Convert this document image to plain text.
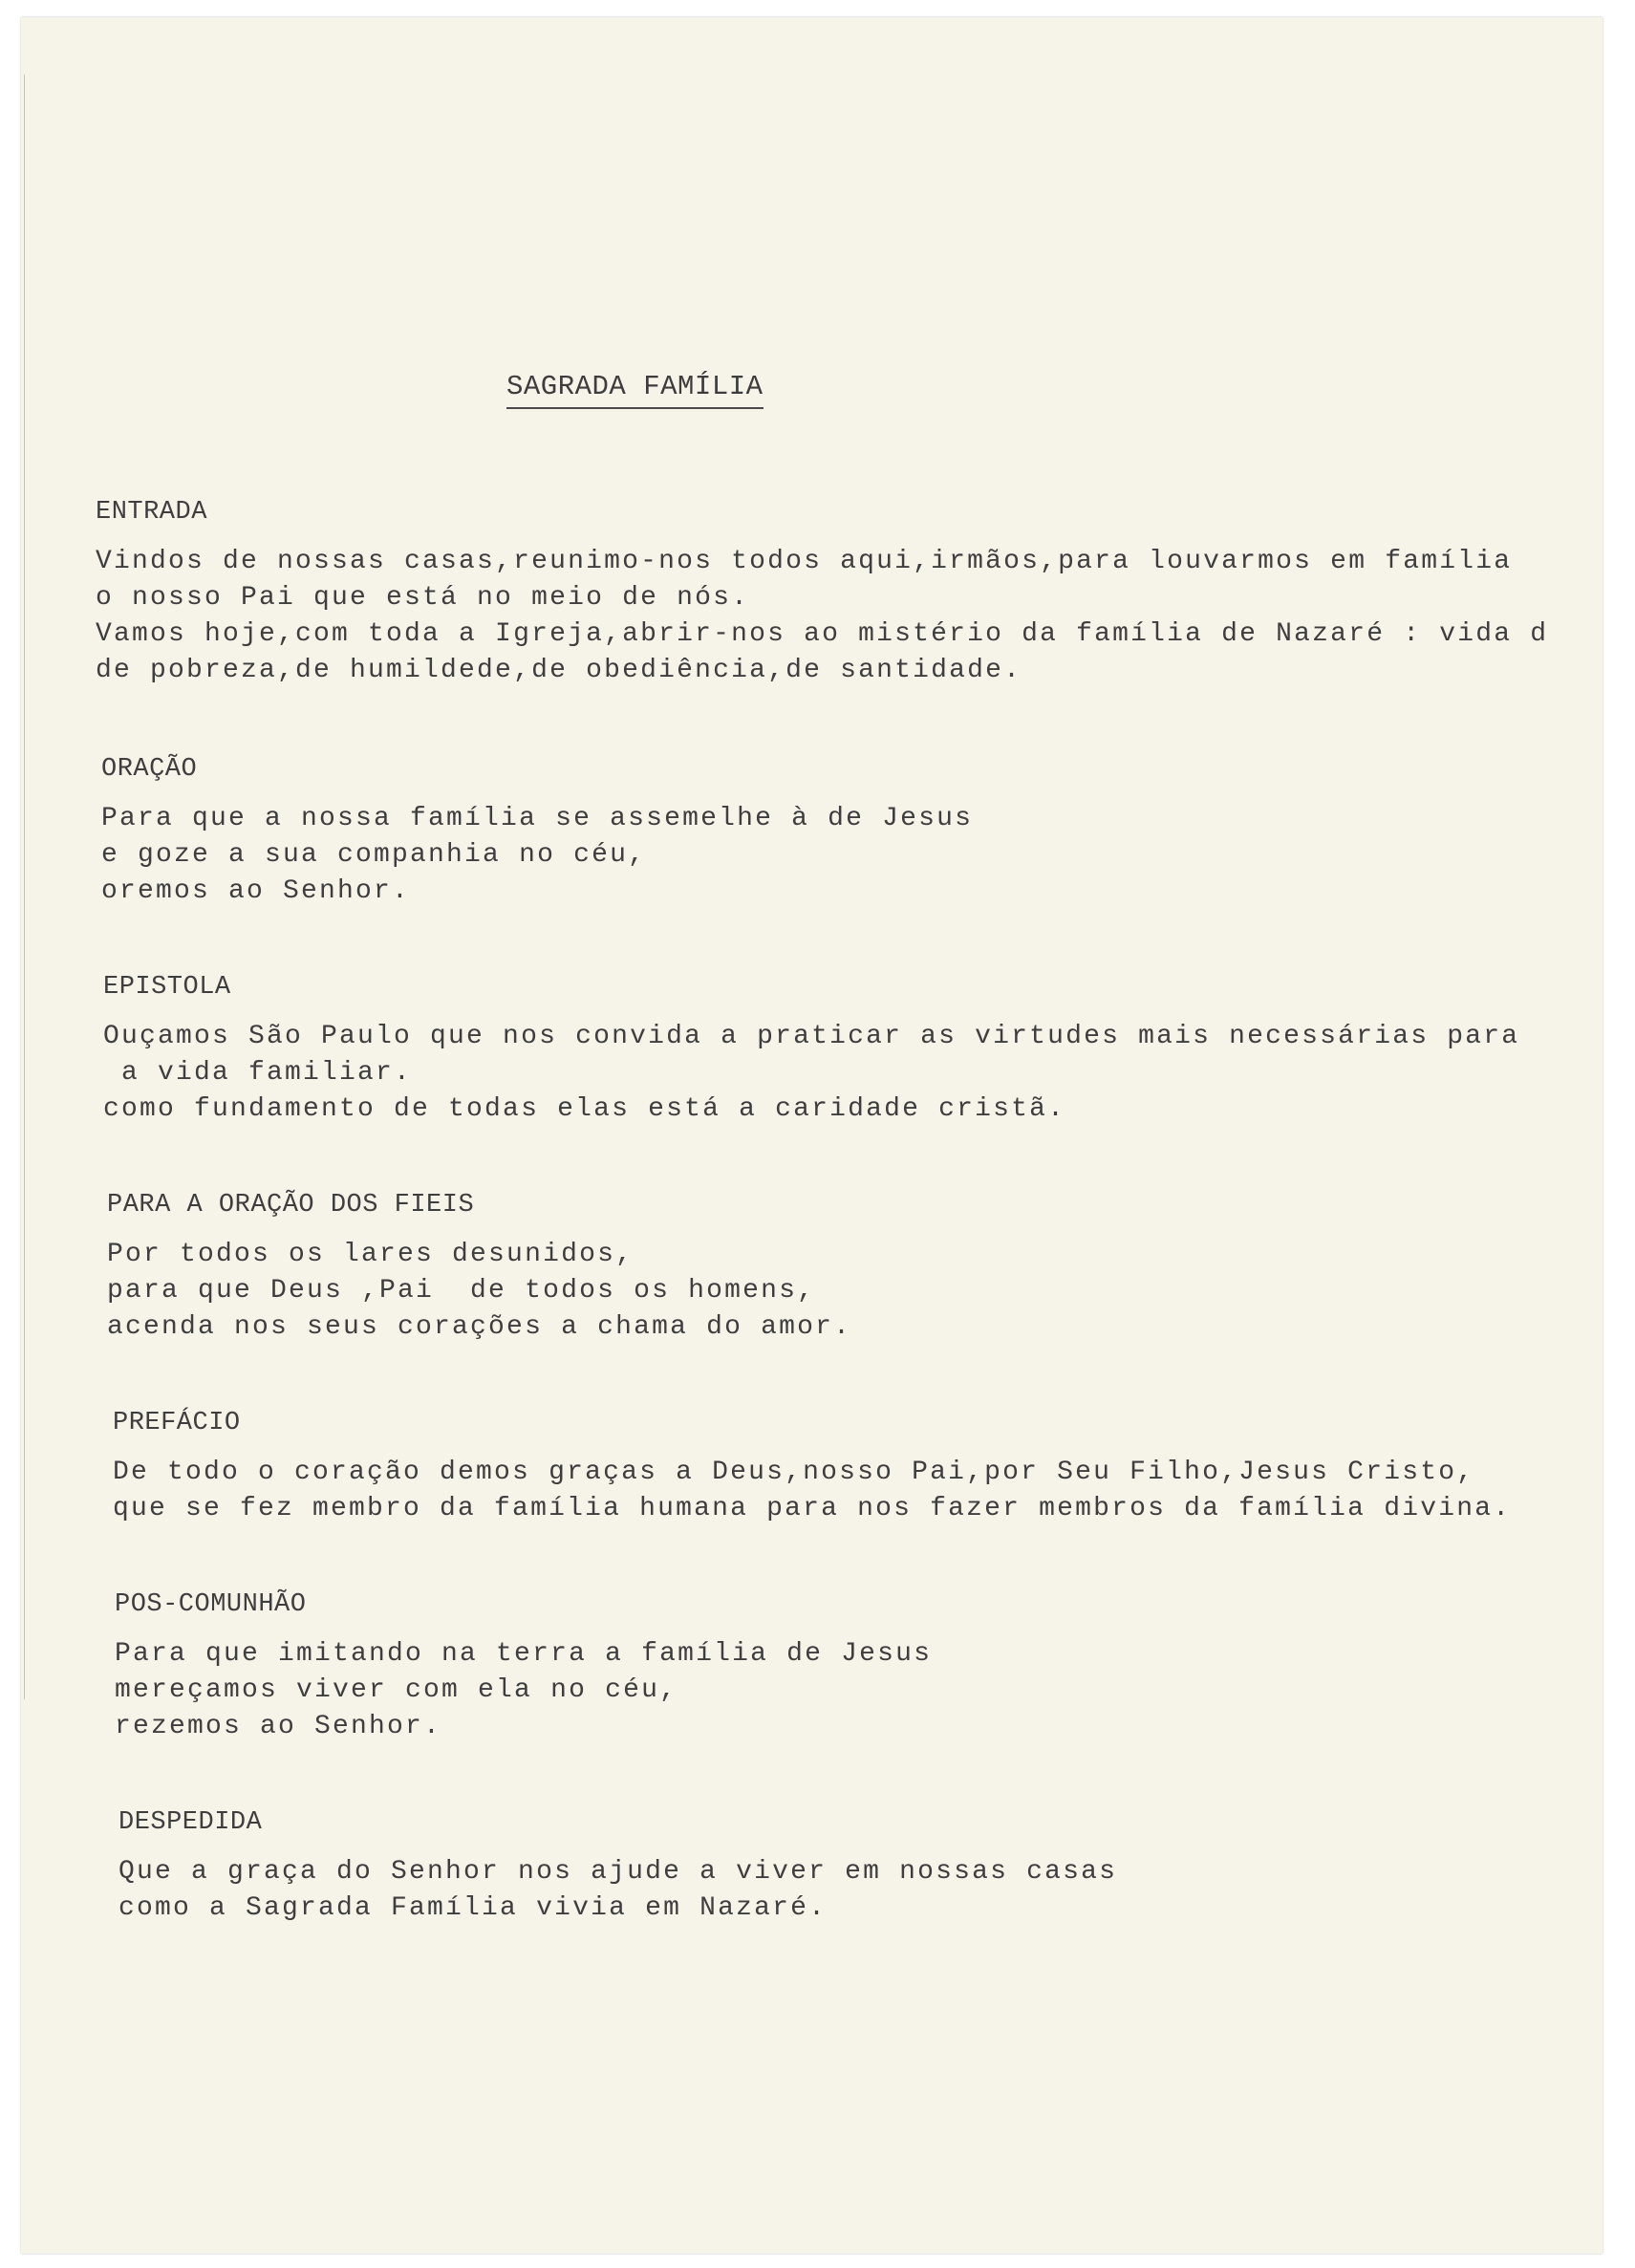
SAGRADA FAMÍLIA
ENTRADA
Vindos de nossas casas,reunimo-nos todos aqui,irmãos,para louvarmos em família
o nosso Pai que está no meio de nós.
Vamos hoje,com toda a Igreja,abrir-nos ao mistério da família de Nazaré : vida d
de pobreza,de humildede,de obediência,de santidade.
ORAÇÃO
Para que a nossa família se assemelhe à de Jesus
e goze a sua companhia no céu,
oremos ao Senhor.
EPISTOLA
Ouçamos São Paulo que nos convida a praticar as virtudes mais necessárias para
a vida familiar.
como fundamento de todas elas está a caridade cristã.
PARA A ORAÇÃO DOS FIEIS
Por todos os lares desunidos,
para que Deus ,Pai  de todos os homens,
acenda nos seus corações a chama do amor.
PREFÁCIO
De todo o coração demos graças a Deus,nosso Pai,por Seu Filho,Jesus Cristo,
que se fez membro da família humana para nos fazer membros da família divina.
POS-COMUNHÃO
Para que imitando na terra a família de Jesus
mereçamos viver com ela no céu,
rezemos ao Senhor.
DESPEDIDA
Que a graça do Senhor nos ajude a viver em nossas casas
como a Sagrada Família vivia em Nazaré.
